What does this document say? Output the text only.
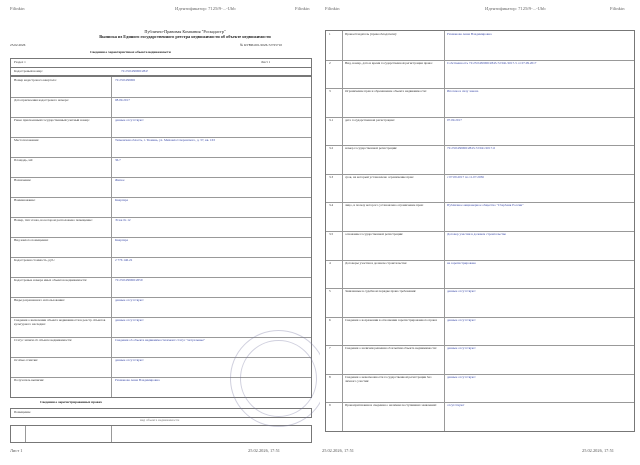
Filinkin	Идентификатор: 7125f9-...-Ubb	Filinkin
Публично-Правовая Компания "Роскадастр"
Выписка из Единого государственного реестра недвижимости об объекте недвижимости
25.02.2026	№ КУВИ-001/2026-72725710
Сведения о характеристиках объекта недвижимости
Раздел 1	Лист 1
Кадастровый номер:	72:23:0430006:2843
Номер кадастрового квартала:	72:23:0430006
Дата присвоения кадастрового номера:	08.09.2017
Ранее присвоенный государственный учетный номер:	данные отсутствуют
Местоположение:	Тюменская область, г. Тюмень, ул. Михаила Сперанского, д. 37, кв. 163
Площадь, м2:	36.7
Назначение:	Жилое
Наименование:	Квартира
Номер, тип этажа, на котором расположено помещение:	Этаж № 12
Вид жилого помещения:	Квартира
Кадастровая стоимость, руб.:	2 776 146.22
Кадастровые номера иных объектов недвижимости:	72:23:0430006:2659
Виды разрешенного использования:	данные отсутствуют
Сведения о включении объекта недвижимости в реестр объектов культурного наследия:
данные отсутствуют
Статус записи об объекте недвижимости:	Сведения об объекте недвижимости имеют статус "актуальные"
Особые отметки:	данные отсутствуют
Получатель выписки:	Рахманова Анна Владимировна
Сведения о зарегистрированных правах
Помещение
вид объекта недвижимости
Лист 1	25.02.2026, 17:51
Filinkin	Идентификатор: 7125f9-...-Ubb	Filinkin
1	Правообладатель (правообладатели):	Рахманова Анна Владимировна
2	Вид, номер, дата и время государственной регистрации права:	Собственность 72:23:0430006:2843-72/041/2017-5 от 07.09.2017
3	Ограничение прав и обременение объекта недвижимости:	Ипотека в силу закона
3.1	дата государственной регистрации:	07.09.2017
3.2	номер государственной регистрации:	72:23:0430006:2843-72/041/2017-6
3.3	срок, на который установлено ограничение прав:	с 07.09.2017 по 11.07.2036
3.4	лицо, в пользу которого установлено ограничение прав:	Публичное акционерное общество "Сбербанк России"
3.5	основание государственной регистрации:	Договор участия в долевом строительстве
4	Договоры участия в долевом строительстве:	не зарегистрировано
5	Заявленные в судебном порядке права требования:	данные отсутствуют
6	Сведения о возражении в отношении зарегистрированного права:	данные отсутствуют
7	Сведения о наличии решения об изъятии объекта недвижимости:	данные отсутствуют
8	Сведения о невозможности государственной регистрации без личного участия:
данные отсутствуют
9	Правопритязания и сведения о наличии поступивших заявлений:	отсутствуют
25.02.2026, 17:51	25.02.2026, 17:51
